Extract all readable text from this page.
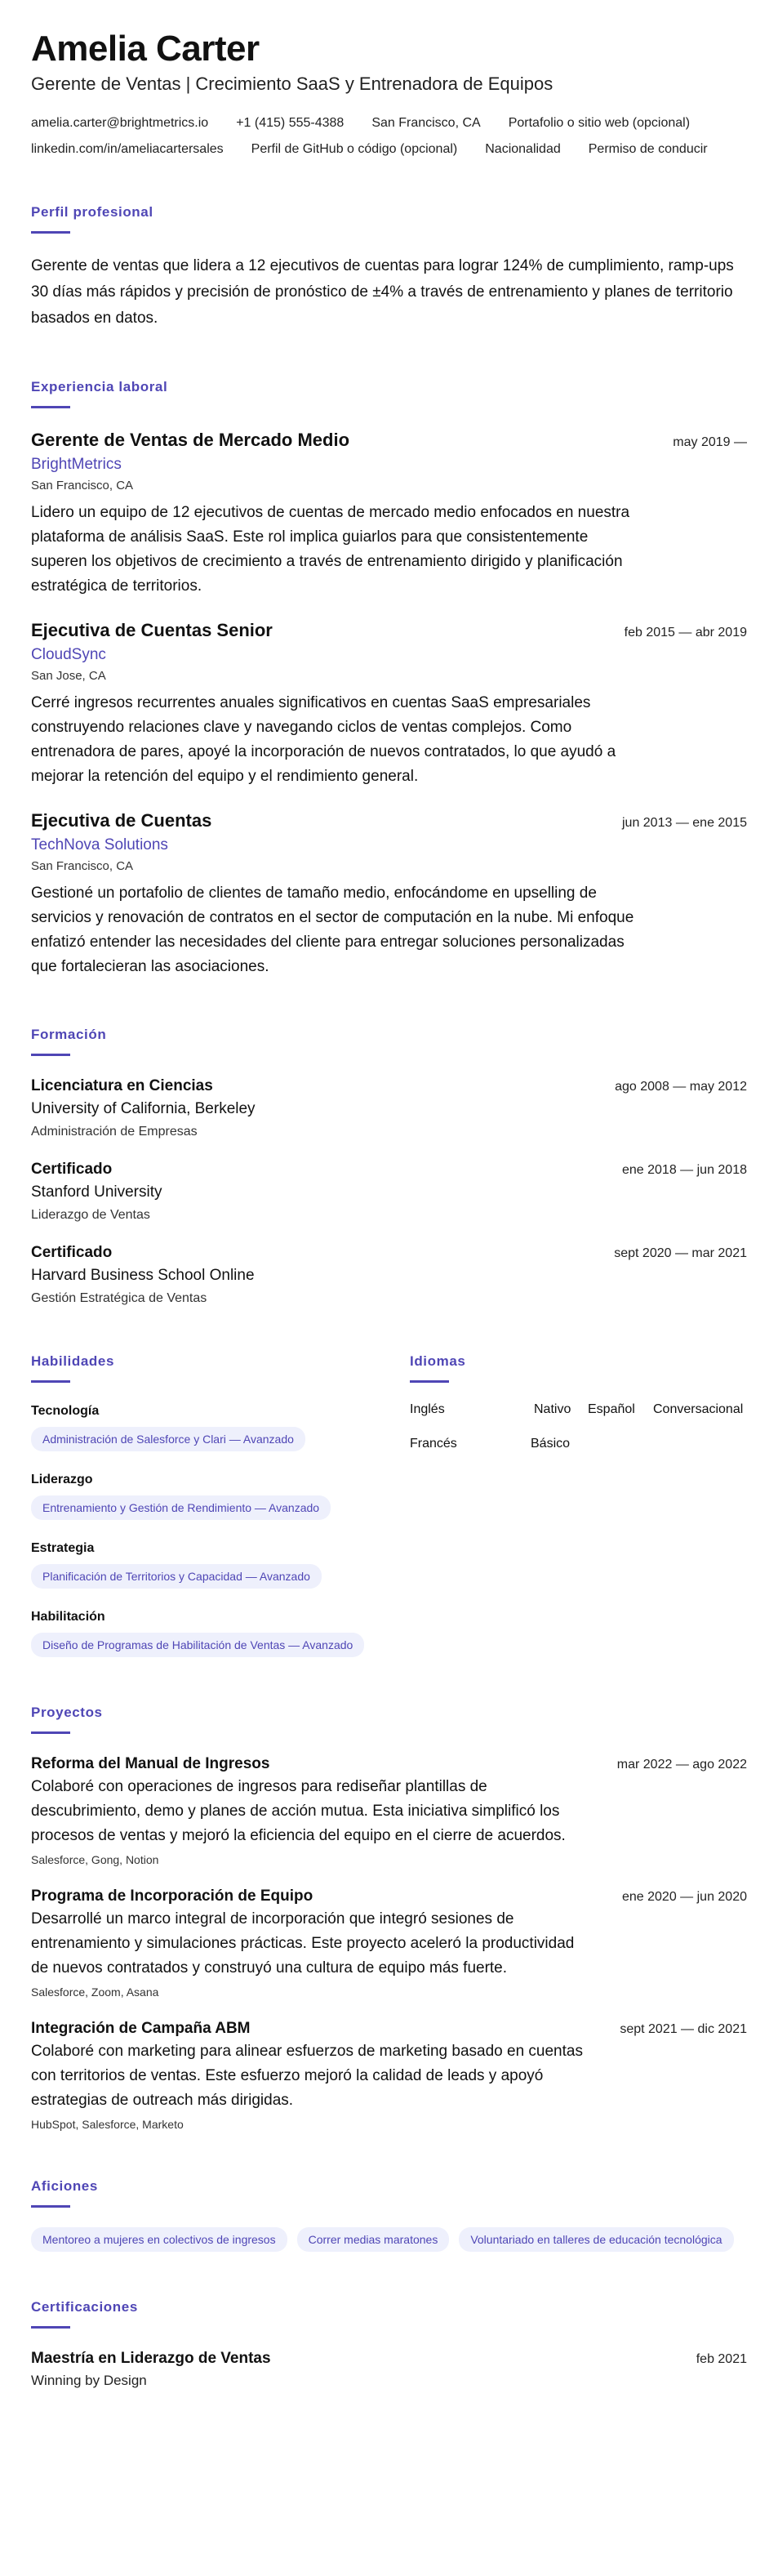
Amelia Carter
Gerente de Ventas | Crecimiento SaaS y Entrenadora de Equipos
amelia.carter@brightmetrics.io +1 (415) 555-4388 San Francisco, CA Portafolio o sitio web (opcional)
linkedin.com/in/ameliacartersales Perfil de GitHub o código (opcional) Nacionalidad Permiso de conducir
Perfil profesional

Gerente de ventas que lidera a 12 ejecutivos de cuentas para lograr 124% de cumplimiento, ramp-ups 30 días más rápidos y precisión de pronóstico de ±4% a través de entrenamiento y planes de territorio basados en datos.

Experiencia laboral
Gerente de Ventas de Mercado Medio	may 2019 —
BrightMetrics
San Francisco, CA

Lidero un equipo de 12 ejecutivos de cuentas de mercado medio enfocados en nuestra plataforma de análisis SaaS. Este rol implica guiarlos para que consistentemente superen los objetivos de crecimiento a través de entrenamiento dirigido y planificación estratégica de territorios.

Ejecutiva de Cuentas Senior	feb 2015 — abr 2019
CloudSync
San Jose, CA

Cerré ingresos recurrentes anuales significativos en cuentas SaaS empresariales construyendo relaciones clave y navegando ciclos de ventas complejos. Como entrenadora de pares, apoyé la incorporación de nuevos contratados, lo que ayudó a mejorar la retención del equipo y el rendimiento general.

Ejecutiva de Cuentas	jun 2013 — ene 2015
TechNova Solutions
San Francisco, CA

Gestioné un portafolio de clientes de tamaño medio, enfocándome en upselling de servicios y renovación de contratos en el sector de computación en la nube. Mi enfoque enfatizó entender las necesidades del cliente para entregar soluciones personalizadas que fortalecieran las asociaciones.

Formación
Licenciatura en Ciencias	ago 2008 — may 2012
University of California, Berkeley
Administración de Empresas
Certificado	ene 2018 — jun 2018
Stanford University
Liderazgo de Ventas
Certificado	sept 2020 — mar 2021
Harvard Business School Online
Gestión Estratégica de Ventas
Habilidades
Tecnología
Administración de Salesforce y Clari — Avanzado
Liderazgo
Entrenamiento y Gestión de Rendimiento — Avanzado
Estrategia
Planificación de Territorios y Capacidad — Avanzado
Habilitación
Diseño de Programas de Habilitación de Ventas — Avanzado
Idiomas
Inglés	Nativo	Español	Conversacional
Francés	Básico
Proyectos
Reforma del Manual de Ingresos	mar 2022 — ago 2022

Colaboré con operaciones de ingresos para rediseñar plantillas de descubrimiento, demo y planes de acción mutua. Esta iniciativa simplificó los procesos de ventas y mejoró la eficiencia del equipo en el cierre de acuerdos.

Salesforce, Gong, Notion
Programa de Incorporación de Equipo	ene 2020 — jun 2020

Desarrollé un marco integral de incorporación que integró sesiones de entrenamiento y simulaciones prácticas. Este proyecto aceleró la productividad de nuevos contratados y construyó una cultura de equipo más fuerte.

Salesforce, Zoom, Asana
Integración de Campaña ABM	sept 2021 — dic 2021

Colaboré con marketing para alinear esfuerzos de marketing basado en cuentas con territorios de ventas. Este esfuerzo mejoró la calidad de leads y apoyó estrategias de outreach más dirigidas.

HubSpot, Salesforce, Marketo
Aficiones
Mentoreo a mujeres en colectivos de ingresos	Correr medias maratones	Voluntariado en talleres de educación tecnológica
Certificaciones
Maestría en Liderazgo de Ventas	feb 2021
Winning by Design
